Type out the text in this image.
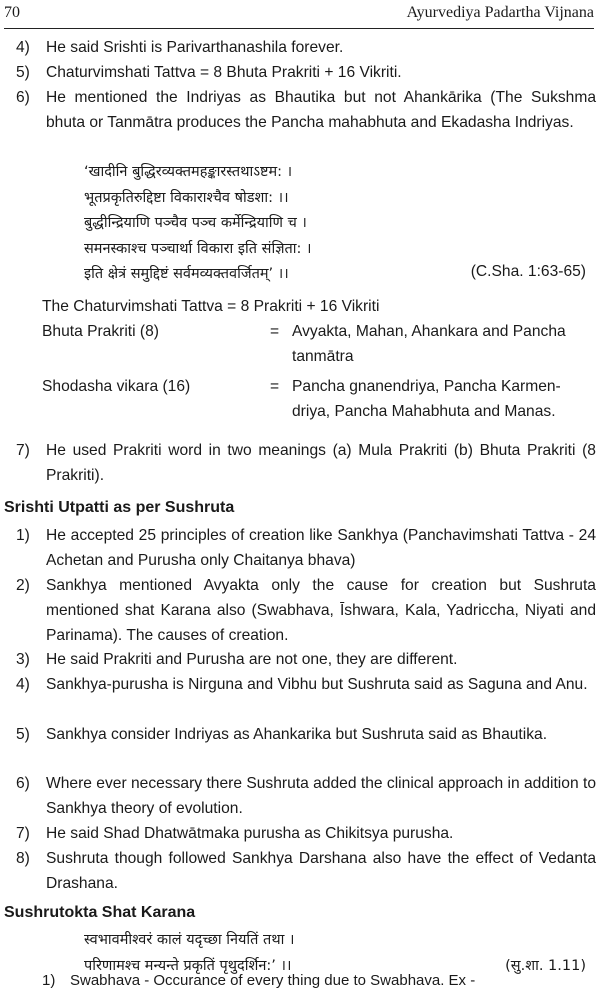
70	Ayurvediya Padartha Vijnana
4) He said Srishti is Parivarthanashila forever.
5) Chaturvimshati Tattva = 8 Bhuta Prakriti + 16 Vikriti.
6) He mentioned the Indriyas as Bhautika but not Ahankārika (The Sukshma bhuta or Tanmātra produces the Pancha mahabhuta and Ekadasha Indriyas.
‘खादीनि बुद्धिरव्यक्तमहङ्कारस्तथाऽष्टम: ।
भूतप्रकृतिरुद्दिष्टा विकाराश्चैव षोडशा: ।।
बुद्धीन्द्रियाणि पञ्चैव पञ्च कर्मेन्द्रियाणि च ।
समनस्काश्च पञ्चार्था विकारा इति संज्ञिता: ।
इति क्षेत्रं समुद्दिष्टं सर्वमव्यक्तवर्जितम्’ ।।	(C.Sha. 1:63-65)
The Chaturvimshati Tattva = 8 Prakriti + 16 Vikriti
Bhuta Prakriti (8)	= Avyakta, Mahan, Ahankara and Pancha
tanmātra
Shodasha vikara (16)	= Pancha gnanendriya, Pancha Karmen-
driya, Pancha Mahabhuta and Manas.
7) He used Prakriti word in two meanings (a) Mula Prakriti (b) Bhuta Prakriti (8 Prakriti).
Srishti Utpatti as per Sushruta
1) He accepted 25 principles of creation like Sankhya (Panchavimshati Tattva - 24 Achetan and Purusha only Chaitanya bhava)
2) Sankhya mentioned Avyakta only the cause for creation but Sushruta mentioned shat Karana also (Swabhava, Īshwara, Kala, Yadriccha, Niyati and Parinama). The causes of creation.
3) He said Prakriti and Purusha are not one, they are different.
4) Sankhya-purusha is Nirguna and Vibhu but Sushruta said as Saguna and Anu.
5) Sankhya consider Indriyas as Ahankarika but Sushruta said as Bhautika.
6) Where ever necessary there Sushruta added the clinical approach in addition to Sankhya theory of evolution.
7) He said Shad Dhatwātmaka purusha as Chikitsya purusha.
8) Sushruta though followed Sankhya Darshana also have the effect of Vedanta Drashana.
Sushrutokta Shat Karana
स्वभावमीश्वरं कालं यदृच्छा नियतिं तथा ।
परिणामश्च मन्यन्ते प्रकृतिं पृथुदर्शिन:’ ।।	(सु.शा. 1.11)
1) Swabhava - Occurance of every thing due to Swabhava. Ex -
